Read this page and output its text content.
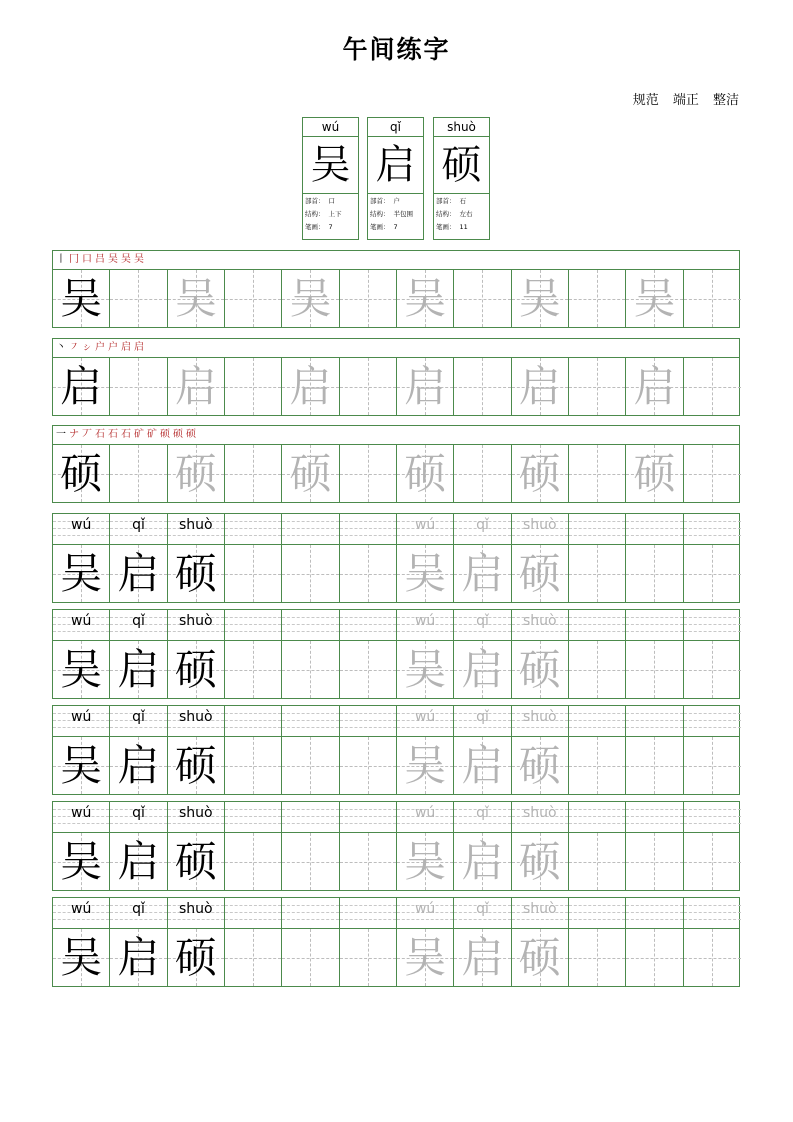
午间练字
规范 端正 整洁
wú
吴
部首： 口
结构： 上下
笔画： 7
qǐ
启
部首： 户
结构： 半包围
笔画： 7
shuò
硕
部首： 石
结构： 左右
笔画： 11
丨 冂 口 吕 吴 吴 吴
吴 吴 吴 吴 吴 吴
丶 ㇇ ㇱ 户 户 启 启
启 启 启 启 启 启
一 ナ 丆 石 石 石 矿 矿 硕 硕 硕
硕 硕 硕 硕 硕 硕
wú	qǐ	shuò	wú	qǐ	shuò
吴 启 硕	吴 启 硕
wú	qǐ	shuò	wú	qǐ	shuò
吴 启 硕	吴 启 硕
wú	qǐ	shuò	wú	qǐ	shuò
吴 启 硕	吴 启 硕
wú	qǐ	shuò	wú	qǐ	shuò
吴 启 硕	吴 启 硕
wú	qǐ	shuò	wú	qǐ	shuò
吴 启 硕	吴 启 硕
